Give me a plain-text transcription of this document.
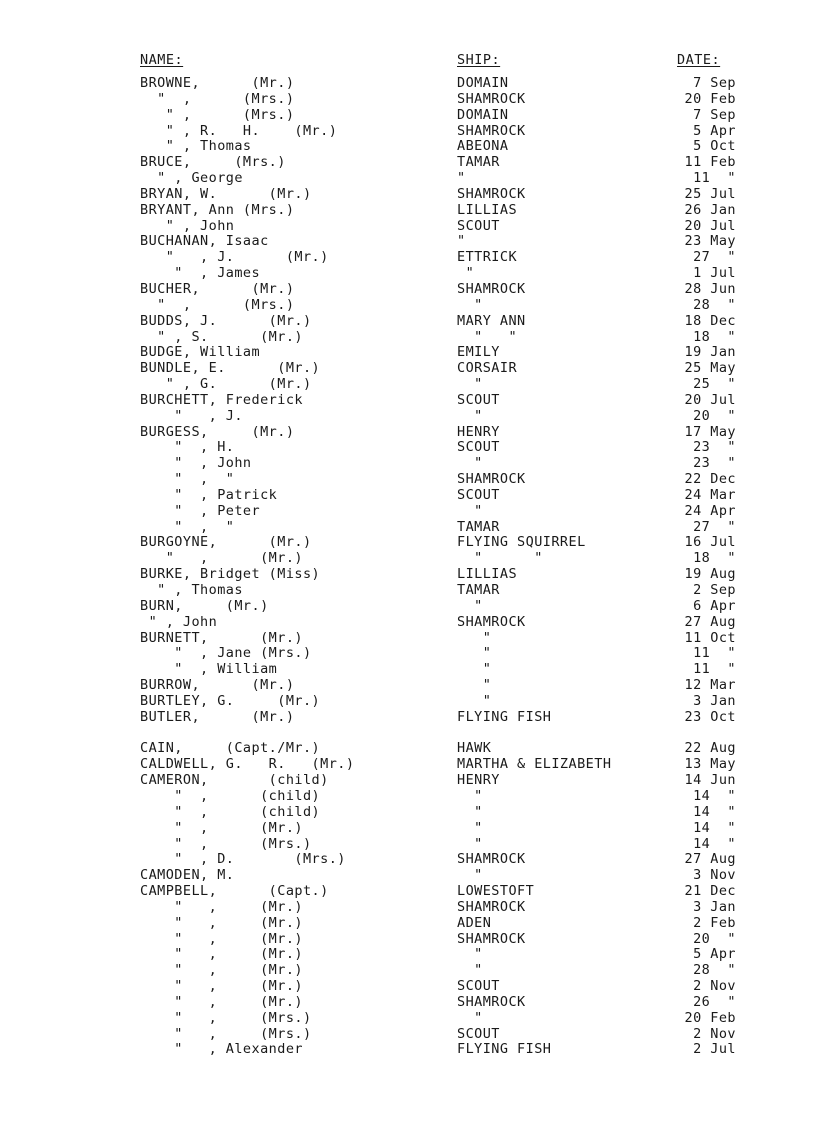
NAME:	SHIP:	DATE:
BROWNE,      (Mr.)	DOMAIN	7 Sep
"  ,      (Mrs.)	SHAMROCK	20 Feb
" ,      (Mrs.)	DOMAIN	7 Sep
" , R.   H.    (Mr.)	SHAMROCK	5 Apr
" , Thomas	ABEONA	5 Oct
BRUCE,     (Mrs.)	TAMAR	11 Feb
" , George	"	11  "
BRYAN, W.      (Mr.)	SHAMROCK	25 Jul
BRYANT, Ann (Mrs.)	LILLIAS	26 Jan
" , John	SCOUT	20 Jul
BUCHANAN, Isaac	"	23 May
"   , J.      (Mr.)	ETTRICK	27  "
"  , James	"	1 Jul
BUCHER,      (Mr.)	SHAMROCK	28 Jun
"  ,      (Mrs.)	"	28  "
BUDDS, J.      (Mr.)	MARY ANN	18 Dec
" , S.      (Mr.)	"   "	18  "
BUDGE, William	EMILY	19 Jan
BUNDLE, E.      (Mr.)	CORSAIR	25 May
" , G.      (Mr.)	"	25  "
BURCHETT, Frederick	SCOUT	20 Jul
"   , J.	"	20  "
BURGESS,     (Mr.)	HENRY	17 May
"  , H.	SCOUT	23  "
"  , John	"	23  "
"  ,  "	SHAMROCK	22 Dec
"  , Patrick	SCOUT	24 Mar
"  , Peter	"	24 Apr
"  ,  "	TAMAR	27  "
BURGOYNE,      (Mr.)	FLYING SQUIRREL	16 Jul
"   ,      (Mr.)	"      "	18  "
BURKE, Bridget (Miss)	LILLIAS	19 Aug
" , Thomas	TAMAR	2 Sep
BURN,     (Mr.)	"	6 Apr
" , John	SHAMROCK	27 Aug
BURNETT,      (Mr.)	"	11 Oct
"  , Jane (Mrs.)	"	11  "
"  , William	"	11  "
BURROW,      (Mr.)	"	12 Mar
BURTLEY, G.     (Mr.)	"	3 Jan
BUTLER,      (Mr.)	FLYING FISH	23 Oct
CAIN,     (Capt./Mr.)	HAWK	22 Aug
CALDWELL, G.   R.   (Mr.)	MARTHA & ELIZABETH	13 May
CAMERON,       (child)	HENRY	14 Jun
"  ,      (child)	"	14  "
"  ,      (child)	"	14  "
"  ,      (Mr.)	"	14  "
"  ,      (Mrs.)	"	14  "
"  , D.       (Mrs.)	SHAMROCK	27 Aug
CAMODEN, M.	"	3 Nov
CAMPBELL,      (Capt.)	LOWESTOFT	21 Dec
"   ,     (Mr.)	SHAMROCK	3 Jan
"   ,     (Mr.)	ADEN	2 Feb
"   ,     (Mr.)	SHAMROCK	20  "
"   ,     (Mr.)	"	5 Apr
"   ,     (Mr.)	"	28  "
"   ,     (Mr.)	SCOUT	2 Nov
"   ,     (Mr.)	SHAMROCK	26  "
"   ,     (Mrs.)	"	20 Feb
"   ,     (Mrs.)	SCOUT	2 Nov
"   , Alexander	FLYING FISH	2 Jul
